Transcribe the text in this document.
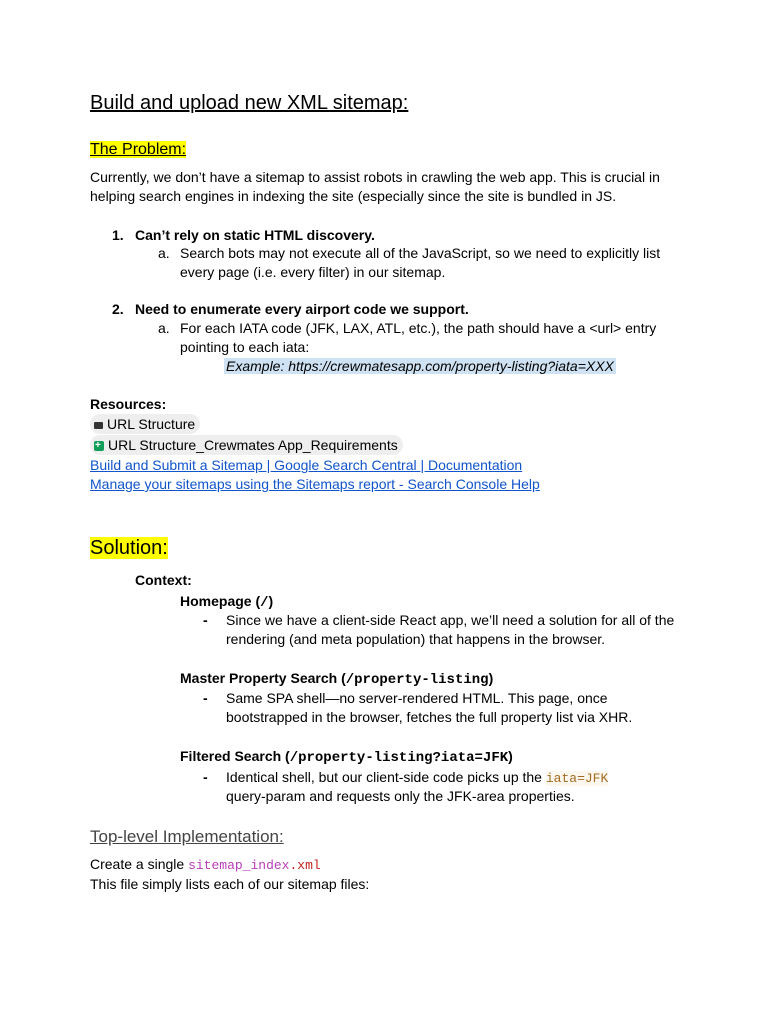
Build and upload new XML sitemap:
The Problem:
Currently, we don’t have a sitemap to assist robots in crawling the web app. This is crucial in
helping search engines in indexing the site (especially since the site is bundled in JS.
1. Can’t rely on static HTML discovery.
a. Search bots may not execute all of the JavaScript, so we need to explicitly list
every page (i.e. every filter) in our sitemap.
2. Need to enumerate every airport code we support.
a. For each IATA code (JFK, LAX, ATL, etc.), the path should have a <url> entry
pointing to each iata:
Example: https://crewmatesapp.com/property-listing?iata=XXX
Resources:
URL Structure
+URL Structure_Crewmates App_Requirements
Build and Submit a Sitemap | Google Search Central | Documentation
Manage your sitemaps using the Sitemaps report - Search Console Help
Solution:
Context:
Homepage (/)
- Since we have a client-side React app, we’ll need a solution for all of the
rendering (and meta population) that happens in the browser.
Master Property Search (/property-listing)
- Same SPA shell—no server-rendered HTML. This page, once
bootstrapped in the browser, fetches the full property list via XHR.
Filtered Search (/property-listing?iata=JFK)
- Identical shell, but our client-side code picks up the iata=JFK
query-param and requests only the JFK-area properties.
Top-level Implementation:
Create a single sitemap_index.xml
This file simply lists each of our sitemap files:
